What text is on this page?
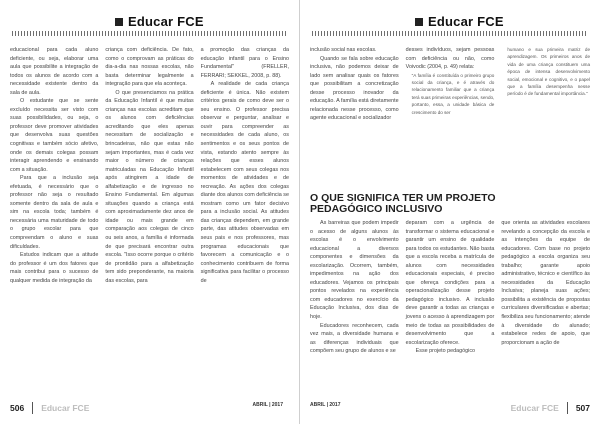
Educar FCE

educacional para cada aluno deficiente, ou seja, elaborar uma aula que possibilite a integração de todos os alunos de acordo com a necessidade existente dentro da sala de aula.

O estudante que se sente excluído necessita ser visto com suas possibilidades, ou seja, o professor deve promover atividades que desenvolva suas questões cognitivas e também sócio afetivo, onde os demais colegas possam interagir aprendendo e ensinando com a situação.

Para que a inclusão seja efetuada, é necessário que o professor não seja o resultado somente dentro da sala de aula e sim na escola toda; também é necessária uma maturidade de todo o grupo escolar para que compreendam o aluno e suas dificuldades.

Estudos indicam que a atitude do professor é um dos fatores que mais contribui para o sucesso de qualquer medida de integração da

criança com deficiência. De fato, como o comprovam as práticas do dia-a-dia nas nossas escolas, não basta determinar legalmente a integração para que ela aconteça.

O que presenciamos na prática da Educação Infantil é que muitas crianças nas escolas acreditam que os alunos com deficiências acreditando que eles apenas necessitam de socialização e brincadeiras, não que estas não sejam importantes, mas é cada vez maior o número de crianças matriculadas na Educação Infantil após atingirem a idade de alfabetização e de ingresso no Ensino Fundamental. Em algumas situações quando a criança está com aproximadamente dez anos de idade ou mais grande em comparação aos colegas de cinco ou seis anos, a família é informada de que precisará encontrar outra escola. "Isso ocorre porque o critério de prontidão para a alfabetização tem sido preponderante, na maioria das escolas, para

a promoção das crianças da educação infantil para o Ensino Fundamental" (FRELLER, FERRARI; SEKKEL, 2008, p. 88).

A realidade de cada criança deficiente é única. Não existem critérios gerais de como deve ser o seu ensino. O professor precisa observar e perguntar, analisar e ouvir para compreender as necessidades de cada aluno, os sentimentos e os seus pontos de vista, estando atento sempre às relações que esses alunos estabelecem com seus colegas nos momentos de atividades e de recreação. As ações dos colegas diante dos alunos com deficiência se mostram como um fator decisivo para a inclusão social. As atitudes das crianças dependem, em grande parte, das atitudes observadas em seus pais e nos professores, mas programas educacionais que favorecem a comunicação e o conhecimento contribuem de forma significativa para facilitar o processo de

506 Educar FCE	ABRIL | 2017
Educar FCE

inclusão social nas escolas.

Quando se fala sobre educação inclusiva, não podemos deixar de lado sem analisar quais os fatores que possibilitam a concretização desse processo inovador da educação. A família está diretamente relacionada nesse processo, como agente educacional e socializador

desses indivíduos, sejam pessoas com deficiência ou não, como Voivodic (2004, p. 49) relata:

"A família é constituída o primeiro grupo social da criança, e é através do relacionamento familiar que a criança terá suas primeiras experiências, sendo, portanto, essa, a unidade básica de crescimento do ser

humano e sua primeira matriz de aprendizagem. Os primeiros anos de vida de uma criança constituem uma época de intensa desenvolvimento social, emocional e cognitivo, e o papel que a família desempenha nesse período é de fundamental importância."

O QUE SIGNIFICA TER UM PROJETO
PEDAGÓGICO INCLUSIVO

As barreiras que podem impedir o acesso de alguns alunos às escolas é o envolvimento educacional a diversos componentes e dimensões da escolarização. Ocorrem, também, impedimentos na ação dos educadores. Vejamos os principais pontos revelados na experiência com educadores no exercício da Educação Inclusiva, dos dias de hoje.

Educadores reconhecem, cada vez mais, a diversidade humana e as diferenças individuais que compõem seu grupo de alunos e se

deparam com a urgência de transformar o sistema educacional e garantir um ensino de qualidade para todos os estudantes. Não basta que a escola receba a matrícula de alunos com necessidades educacionais especiais, é preciso que ofereça condições para a operacionalização desse projeto pedagógico inclusivo. A inclusão deve garantir a todas as crianças e jovens o acesso à aprendizagem por meio de todas as possibilidades de desenvolvimento que a escolarização oferece.

Esse projeto pedagógico

que orienta as atividades escolares revelando a concepção da escola e as intenções da equipe de educadores. Com base no projeto pedagógico a escola organiza seu trabalho; garante apoio administrativo, técnico e científico às necessidades da Educação Inclusiva; planeja suas ações; possibilita a existência de propostas curriculares diversificadas e abertas; flexibiliza seu funcionamento; atende à diversidade do alunado; estabelece redes de apoio, que proporcionam a ação de

ABRIL | 2017	Educar FCE 507
